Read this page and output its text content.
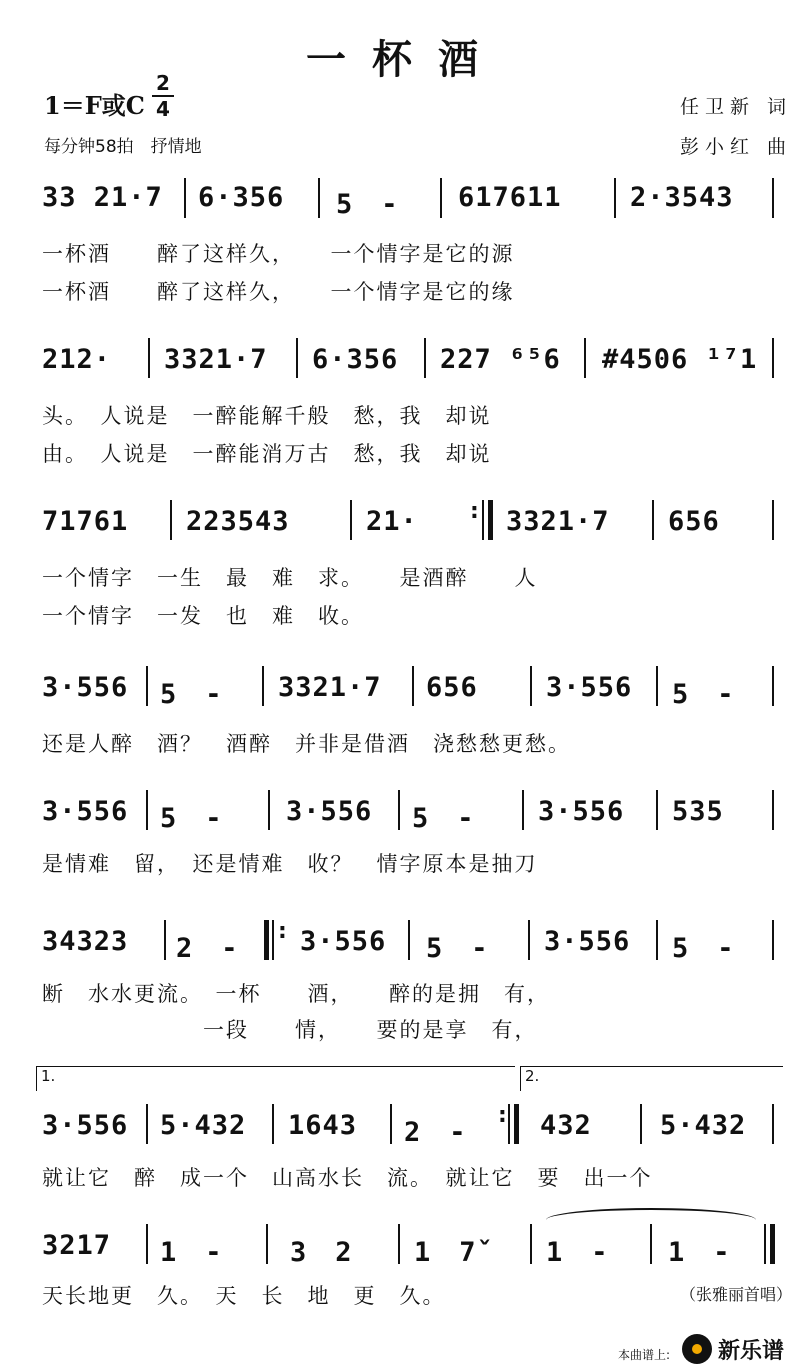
一杯酒
1＝F或C
2
4
每分钟58拍　抒情地
任卫新 词
彭小红 曲
33 21·7 6·356 5　- 617611	2·3543
一杯酒　　醉了这样久，　　一个情字是它的源
一杯酒　　醉了这样久，　　一个情字是它的缘
212· 3321·7 6·356 227 ⁶⁵6 #4506 ¹⁷1
头。　人说是　一醉能解千般　愁，我　却说
由。　人说是　一醉能消万古　愁，我　却说
71761 223543	21·	3321·7 656
:
一个情字　一生　最　难　求。　　是酒醉　　人
一个情字　一发　也　难　收。
3·556 5　- 3321·7 656	3·556 5　-
还是人醉　酒？　酒醉　并非是借酒　浇愁愁更愁。
3·556 5　- 3·556 5　- 3·556 535
是情难　留，　还是情难　收？　情字原本是抽刀
34323 2　- 3·556 5　- 3·556 5　-
:
断　水水更流。　一杯　　酒，　　醉的是拥　有，
　　　　　　　一段　　情，　　要的是享　有，
1.	2.
3·556 5·432 1643 2　-	432	5·432
:
就让它　醉　成一个　山高水长　流。　就让它　要　出一个
3217 1　- 3　2 1　7ˇ 1　- 1　-
天长地更　久。　天　长　地　更　久。	（张雅丽首唱）
本曲谱上: 新乐谱
